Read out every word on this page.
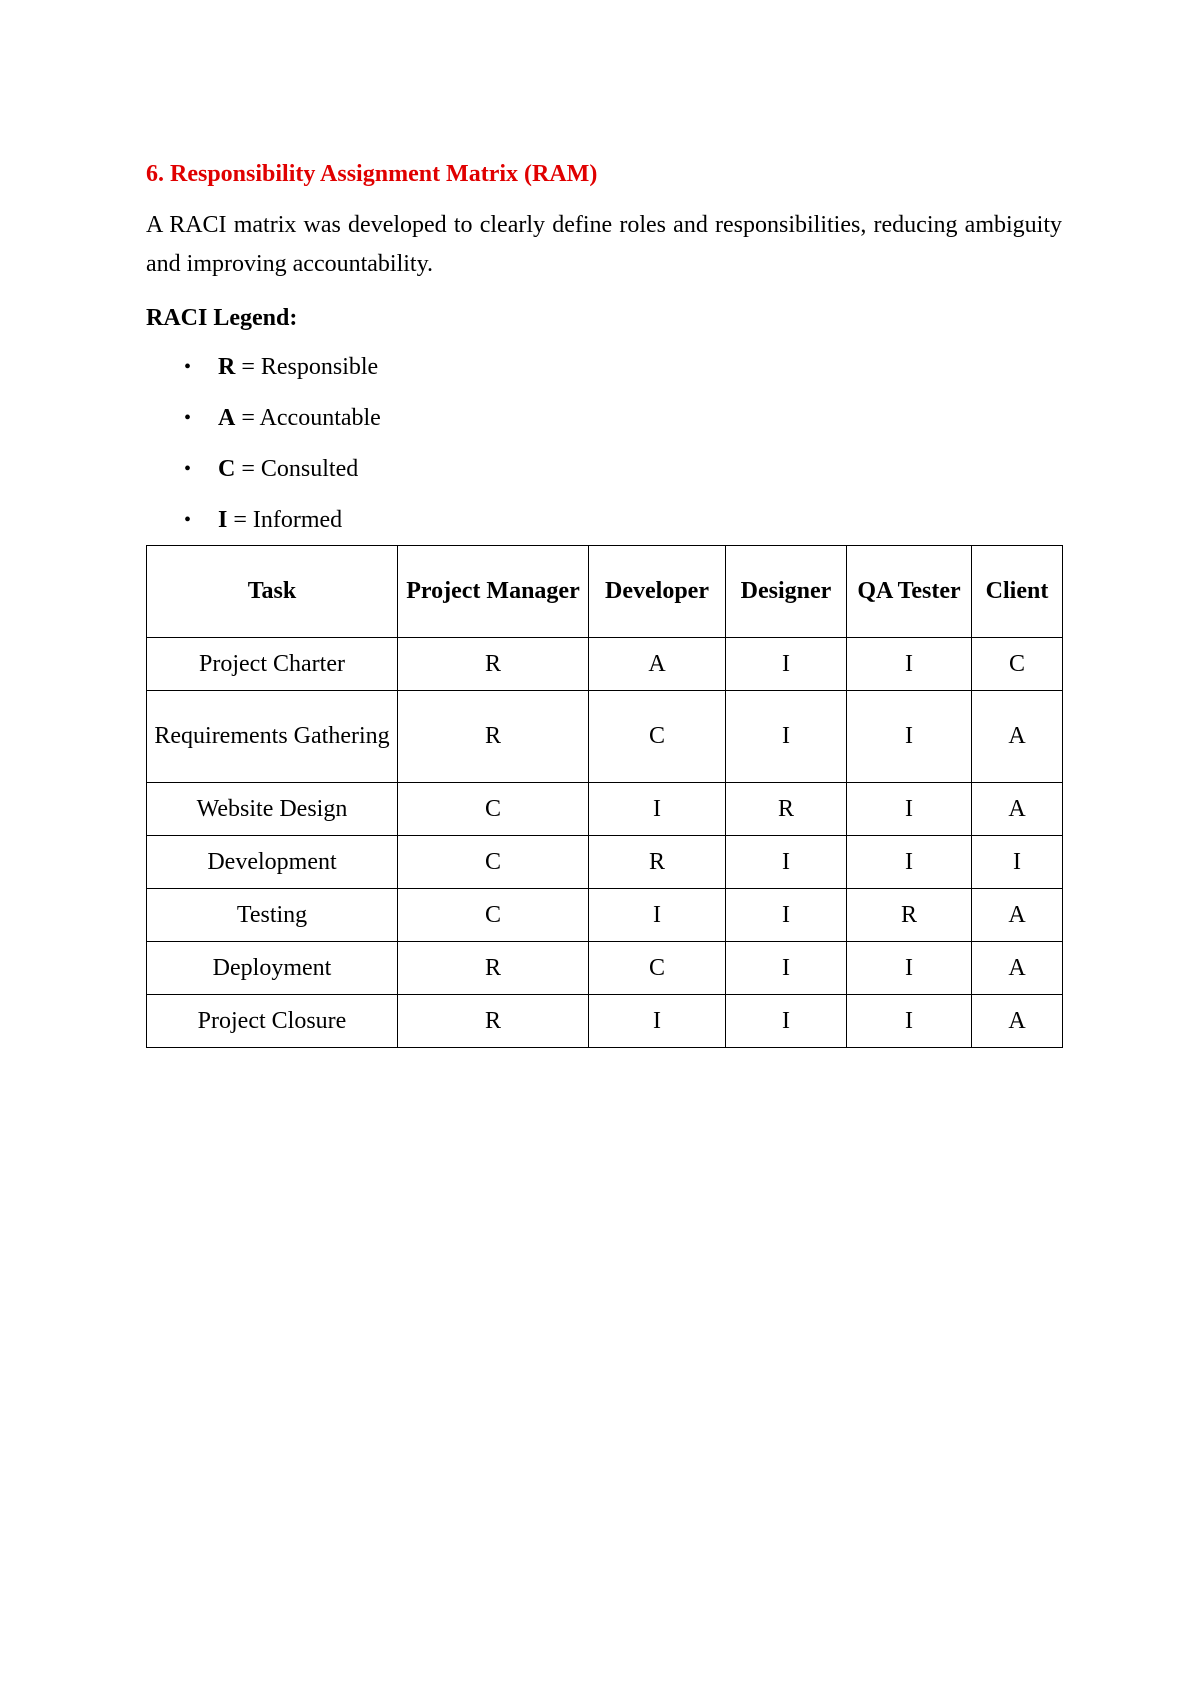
6. Responsibility Assignment Matrix (RAM)

A RACI matrix was developed to clearly define roles and responsibilities, reducing ambiguity and improving accountability.

RACI Legend:

• R = Responsible
• A = Accountable
• C = Consulted
• I = Informed
Task	Project Manager	Developer	Designer	QA Tester	Client
Project Charter	R	A	I	I	C
Requirements Gathering	R	C	I	I	A
Website Design	C	I	R	I	A
Development	C	R	I	I	I
Testing	C	I	I	R	A
Deployment	R	C	I	I	A
Project Closure	R	I	I	I	A
